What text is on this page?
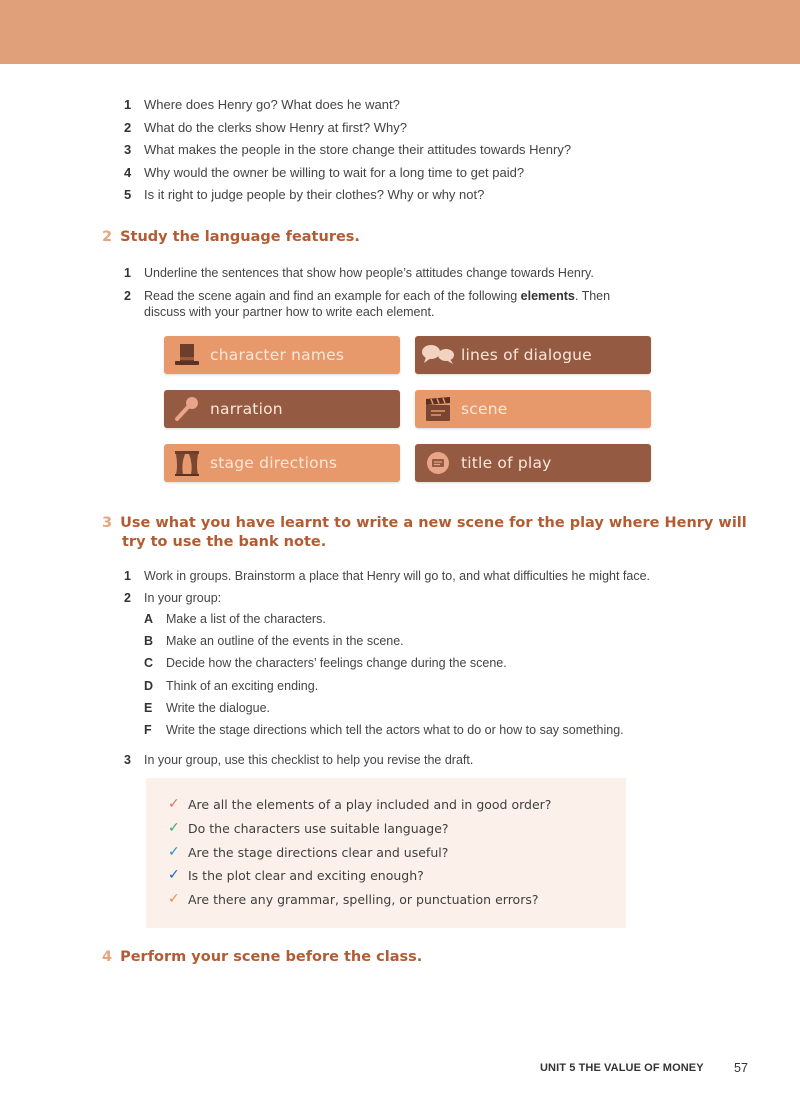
1 Where does Henry go? What does he want?
2 What do the clerks show Henry at first? Why?
3 What makes the people in the store change their attitudes towards Henry?
4 Why would the owner be willing to wait for a long time to get paid?
5 Is it right to judge people by their clothes? Why or why not?
2 Study the language features.
1 Underline the sentences that show how people’s attitudes change towards Henry.
2 Read the scene again and find an example for each of the following elements. Then
discuss with your partner how to write each element.
character names	lines of dialogue
narration	scene
stage directions	title of play
3 Use what you have learnt to write a new scene for the play where Henry will
try to use the bank note.
1 Work in groups. Brainstorm a place that Henry will go to, and what difficulties he might face.
2 In your group:
A Make a list of the characters.
B Make an outline of the events in the scene.
C Decide how the characters’ feelings change during the scene.
D Think of an exciting ending.
E Write the dialogue.
F Write the stage directions which tell the actors what to do or how to say something.
3 In your group, use this checklist to help you revise the draft.
✓ Are all the elements of a play included and in good order?
✓ Do the characters use suitable language?
✓ Are the stage directions clear and useful?
✓ Is the plot clear and exciting enough?
✓ Are there any grammar, spelling, or punctuation errors?
4 Perform your scene before the class.
UNIT 5 THE VALUE OF MONEY 57
